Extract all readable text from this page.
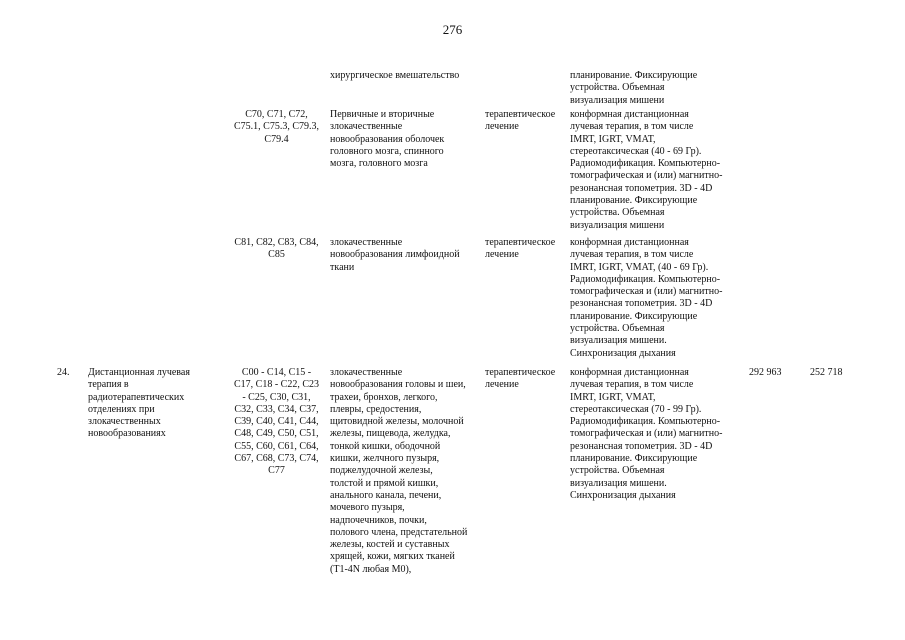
276

хирургическое вмешательство	планирование. Фиксирующие
устройства. Объемная
визуализация мишени

C70, C71, C72,
C75.1, C75.3, C79.3,
C79.4

Первичные и вторичные
злокачественные
новообразования оболочек
головного мозга, спинного
мозга, головного мозга

терапевтическое
лечение

конформная дистанционная
лучевая терапия, в том числе
IMRT, IGRT, VMAT,
стереотаксическая (40 - 69 Гр).
Радиомодификация. Компьютерно-
томографическая и (или) магнитно-
резонансная топометрия. 3D - 4D
планирование. Фиксирующие
устройства. Объемная
визуализация мишени

C81, C82, C83, C84,
C85

злокачественные
новообразования лимфоидной
ткани

терапевтическое
лечение

конформная дистанционная
лучевая терапия, в том числе
IMRT, IGRT, VMAT, (40 - 69 Гр).
Радиомодификация. Компьютерно-
томографическая и (или) магнитно-
резонансная топометрия. 3D - 4D
планирование. Фиксирующие
устройства. Объемная
визуализация мишени.
Синхронизация дыхания

24. Дистанционная лучевая
терапия в
радиотерапевтических
отделениях при
злокачественных
новообразованиях

C00 - C14, C15 -
C17, C18 - C22, C23
- C25, C30, C31,
C32, C33, C34, C37,
C39, C40, C41, C44,
C48, C49, C50, C51,
C55, C60, C61, C64,
C67, C68, C73, C74,
C77

злокачественные
новообразования головы и шеи,
трахеи, бронхов, легкого,
плевры, средостения,
щитовидной железы, молочной
железы, пищевода, желудка,
тонкой кишки, ободочной
кишки, желчного пузыря,
поджелудочной железы,
толстой и прямой кишки,
анального канала, печени,
мочевого пузыря,
надпочечников, почки,
полового члена, предстательной
железы, костей и суставных
хрящей, кожи, мягких тканей
(T1-4N любая M0),

терапевтическое
лечение

конформная дистанционная
лучевая терапия, в том числе
IMRT, IGRT, VMAT,
стереотаксическая (70 - 99 Гр).
Радиомодификация. Компьютерно-
томографическая и (или) магнитно-
резонансная топометрия. 3D - 4D
планирование. Фиксирующие
устройства. Объемная
визуализация мишени.
Синхронизация дыхания

292 963	252 718
